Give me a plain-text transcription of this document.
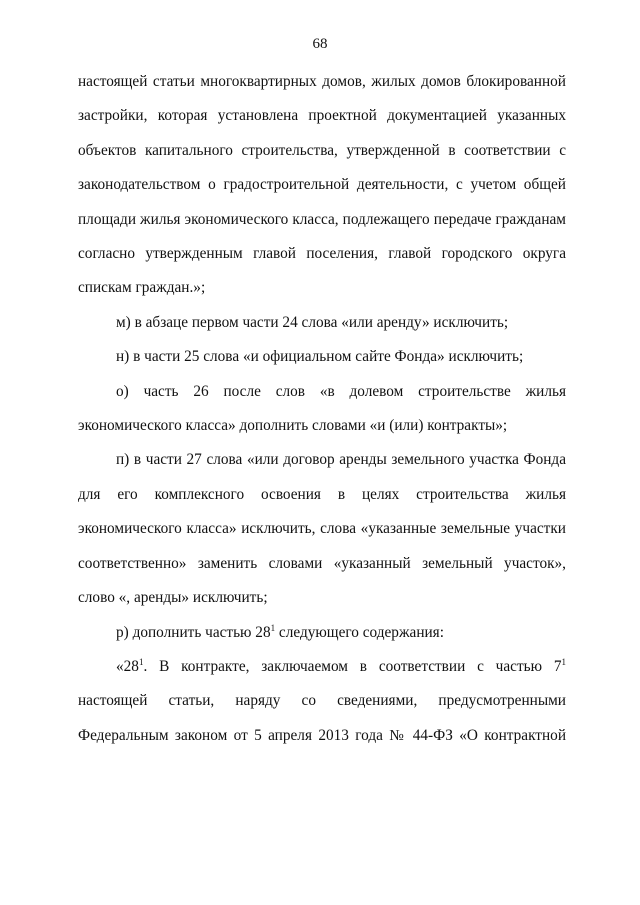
68

настоящей статьи многоквартирных домов, жилых домов блокированной застройки, которая установлена проектной документацией указанных объектов капитального строительства, утвержденной в соответствии с законодательством о градостроительной деятельности, с учетом общей площади жилья экономического класса, подлежащего передаче гражданам согласно утвержденным главой поселения, главой городского округа спискам граждан.»;

м) в абзаце первом части 24 слова «или аренду» исключить;

н) в части 25 слова «и официальном сайте Фонда» исключить;

о) часть 26 после слов «в долевом строительстве жилья экономического класса» дополнить словами «и (или) контракты»;

п) в части 27 слова «или договор аренды земельного участка Фонда для его комплексного освоения в целях строительства жилья экономического класса» исключить, слова «указанные земельные участки соответственно» заменить словами «указанный земельный участок», слово «, аренды» исключить;

р) дополнить частью $28^1$ следующего содержания:

«$28^1$. В контракте, заключаемом в соответствии с частью $7^1$ настоящей статьи, наряду со сведениями, предусмотренными Федеральным законом от 5 апреля 2013 года № 44-ФЗ «О контрактной
